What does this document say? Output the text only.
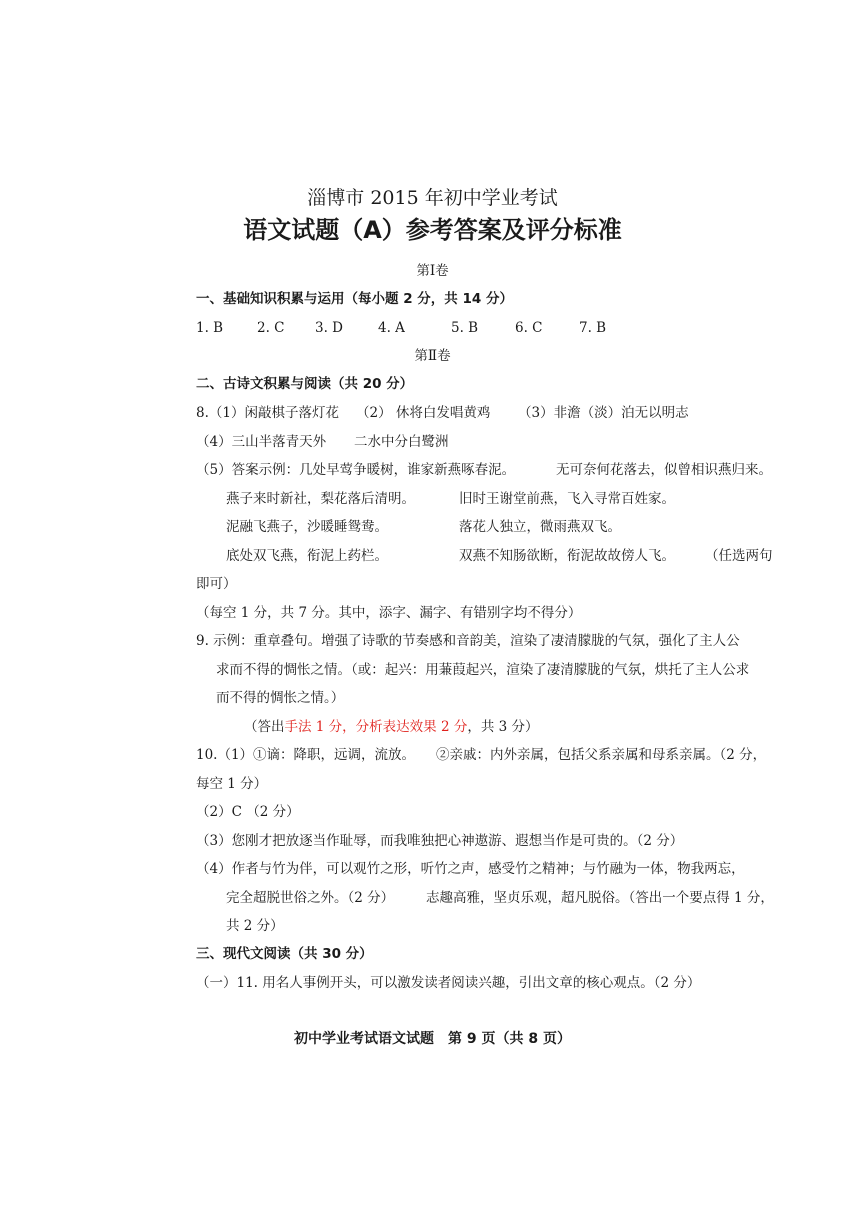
淄博市 2015 年初中学业考试
语文试题（A）参考答案及评分标准
第Ⅰ卷
一、基础知识积累与运用（每小题 2 分，共 14 分）
1. B	2. C 3. D	4. A	5. B	6. C	7. B
第Ⅱ卷
二、古诗文积累与阅读（共 20 分）
8.（1）闲敲棋子落灯花 （2） 休将白发唱黄鸡 （3）非澹（淡）泊无以明志
（4）三山半落青天外 二水中分白鹭洲
（5）答案示例：几处早莺争暖树，谁家新燕啄春泥。	无可奈何花落去，似曾相识燕归来。
燕子来时新社，梨花落后清明。	旧时王谢堂前燕，飞入寻常百姓家。
泥融飞燕子，沙暖睡鸳鸯。	落花人独立，微雨燕双飞。
底处双飞燕，衔泥上药栏。	双燕不知肠欲断，衔泥故故傍人飞。 （任选两句
即可）
（每空 1 分，共 7 分。其中，添字、漏字、有错别字均不得分）
9. 示例：重章叠句。增强了诗歌的节奏感和音韵美，渲染了凄清朦胧的气氛，强化了主人公
求而不得的惆怅之情。（或：起兴：用蒹葭起兴，渲染了凄清朦胧的气氛，烘托了主人公求
而不得的惆怅之情。）
（答出手法 1 分，分析表达效果 2 分，共 3 分）
10.（1）①谪：降职，远调，流放。 ②亲戚：内外亲属，包括父系亲属和母系亲属。（2 分，
每空 1 分）
（2）C （2 分）
（3）您刚才把放逐当作耻辱，而我唯独把心神遨游、遐想当作是可贵的。（2 分）
（4）作者与竹为伴，可以观竹之形，听竹之声，感受竹之精神；与竹融为一体，物我两忘，
完全超脱世俗之外。（2 分） 志趣高雅，坚贞乐观，超凡脱俗。（答出一个要点得 1 分，
共 2 分）
三、现代文阅读（共 30 分）
（一）11. 用名人事例开头，可以激发读者阅读兴趣，引出文章的核心观点。（2 分）
初中学业考试语文试题　第 9 页（共 8 页）
